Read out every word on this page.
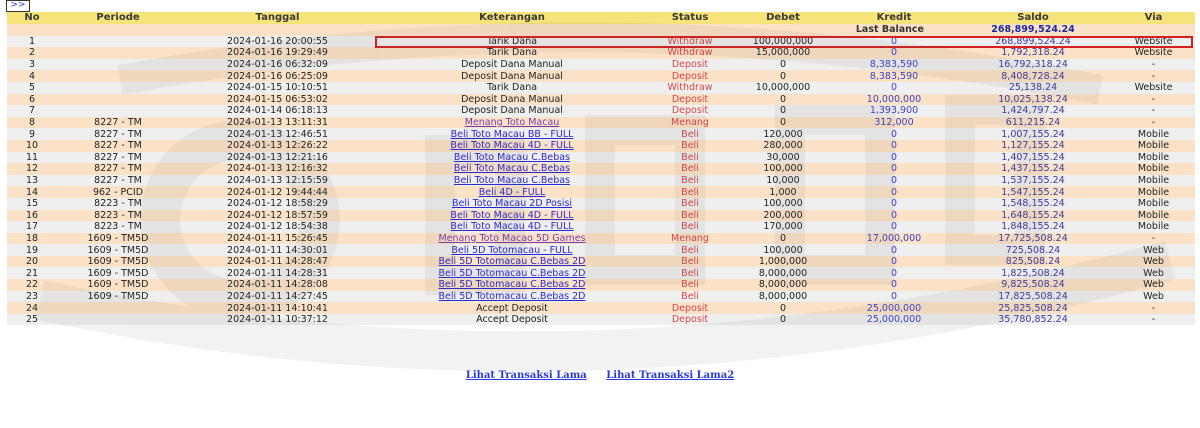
>>
No	Periode	Tanggal	Keterangan	Status	Debet	Kredit	Saldo	Via
Last Balance							268,899,524.24	
1		2024-01-16 20:00:55	Tarik Dana	Withdraw	100,000,000	0	268,899,524.24	Website
2		2024-01-16 19:29:49	Tarik Dana	Withdraw	15,000,000	0	1,792,318.24	Website
3		2024-01-16 06:32:09	Deposit Dana Manual	Deposit	0	8,383,590	16,792,318.24	-
4		2024-01-16 06:25:09	Deposit Dana Manual	Deposit	0	8,383,590	8,408,728.24	-
5		2024-01-15 10:10:51	Tarik Dana	Withdraw	10,000,000	0	25,138.24	Website
6		2024-01-15 06:53:02	Deposit Dana Manual	Deposit	0	10,000,000	10,025,138.24	-
7		2024-01-14 06:18:13	Deposit Dana Manual	Deposit	0	1,393,900	1,424,797.24	-
8	8227 - TM	2024-01-13 13:11:31	Menang Toto Macau	Menang	0	312,000	611,215.24	-
9	8227 - TM	2024-01-13 12:46:51	Beli Toto Macau BB - FULL	Beli	120,000	0	1,007,155.24	Mobile
10	8227 - TM	2024-01-13 12:26:22	Beli Toto Macau 4D - FULL	Beli	280,000	0	1,127,155.24	Mobile
11	8227 - TM	2024-01-13 12:21:16	Beli Toto Macau C.Bebas	Beli	30,000	0	1,407,155.24	Mobile
12	8227 - TM	2024-01-13 12:16:32	Beli Toto Macau C.Bebas	Beli	100,000	0	1,437,155.24	Mobile
13	8227 - TM	2024-01-13 12:15:59	Beli Toto Macau C.Bebas	Beli	10,000	0	1,537,155.24	Mobile
14	962 - PCID	2024-01-12 19:44:44	Beli 4D - FULL	Beli	1,000	0	1,547,155.24	Mobile
15	8223 - TM	2024-01-12 18:58:29	Beli Toto Macau 2D Posisi	Beli	100,000	0	1,548,155.24	Mobile
16	8223 - TM	2024-01-12 18:57:59	Beli Toto Macau 4D - FULL	Beli	200,000	0	1,648,155.24	Mobile
17	8223 - TM	2024-01-12 18:54:38	Beli Toto Macau 4D - FULL	Beli	170,000	0	1,848,155.24	Mobile
18	1609 - TM5D	2024-01-11 15:26:45	Menang Toto Macao 5D Games	Menang	0	17,000,000	17,725,508.24	-
19	1609 - TM5D	2024-01-11 14:30:01	Beli 5D Totomacau - FULL	Beli	100,000	0	725,508.24	Web
20	1609 - TM5D	2024-01-11 14:28:47	Beli 5D Totomacau C.Bebas 2D	Beli	1,000,000	0	825,508.24	Web
21	1609 - TM5D	2024-01-11 14:28:31	Beli 5D Totomacau C.Bebas 2D	Beli	8,000,000	0	1,825,508.24	Web
22	1609 - TM5D	2024-01-11 14:28:08	Beli 5D Totomacau C.Bebas 2D	Beli	8,000,000	0	9,825,508.24	Web
23	1609 - TM5D	2024-01-11 14:27:45	Beli 5D Totomacau C.Bebas 2D	Beli	8,000,000	0	17,825,508.24	Web
24		2024-01-11 14:10:41	Accept Deposit	Deposit	0	25,000,000	25,825,508.24	-
25		2024-01-11 10:37:12	Accept Deposit	Deposit	0	25,000,000	35,780,852.24	-
Lihat Transaksi Lama Lihat Transaksi Lama2
